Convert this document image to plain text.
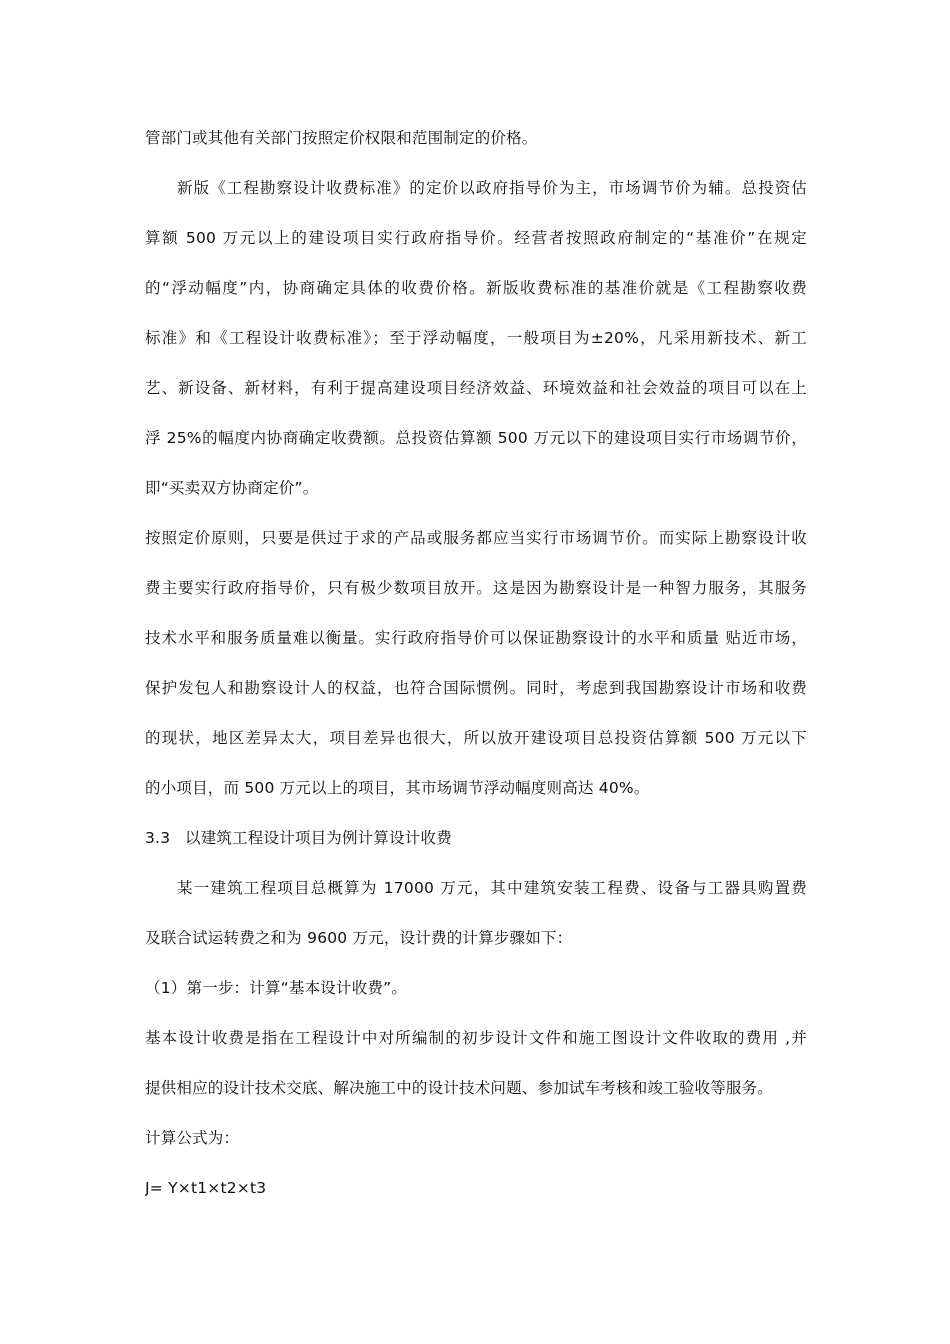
管部门或其他有关部门按照定价权限和范围制定的价格。
新版《工程勘察设计收费标准》的定价以政府指导价为主，市场调节价为辅。总投资估
算额 500 万元以上的建设项目实行政府指导价。经营者按照政府制定的“基准价”在规定
的“浮动幅度”内，协商确定具体的收费价格。新版收费标准的基准价就是《工程勘察收费
标准》和《工程设计收费标准》；至于浮动幅度，一般项目为±20%，凡采用新技术、新工
艺、新设备、新材料，有利于提高建设项目经济效益、环境效益和社会效益的项目可以在上
浮 25%的幅度内协商确定收费额。总投资估算额 500 万元以下的建设项目实行市场调节价，
即“买卖双方协商定价”。
按照定价原则，只要是供过于求的产品或服务都应当实行市场调节价。而实际上勘察设计收
费主要实行政府指导价，只有极少数项目放开。这是因为勘察设计是一种智力服务，其服务
技术水平和服务质量难以衡量。实行政府指导价可以保证勘察设计的水平和质量 贴近市场，
保护发包人和勘察设计人的权益，也符合国际惯例。同时，考虑到我国勘察设计市场和收费
的现状，地区差异太大，项目差异也很大，所以放开建设项目总投资估算额 500 万元以下
的小项目，而 500 万元以上的项目，其市场调节浮动幅度则高达 40%。
3.3 以建筑工程设计项目为例计算设计收费
某一建筑工程项目总概算为 17000 万元，其中建筑安装工程费、设备与工器具购置费
及联合试运转费之和为 9600 万元，设计费的计算步骤如下：
（1）第一步：计算“基本设计收费”。
基本设计收费是指在工程设计中对所编制的初步设计文件和施工图设计文件收取的费用 ,并
提供相应的设计技术交底、解决施工中的设计技术问题、参加试车考核和竣工验收等服务。
计算公式为：
J= Y×t1×t2×t3
